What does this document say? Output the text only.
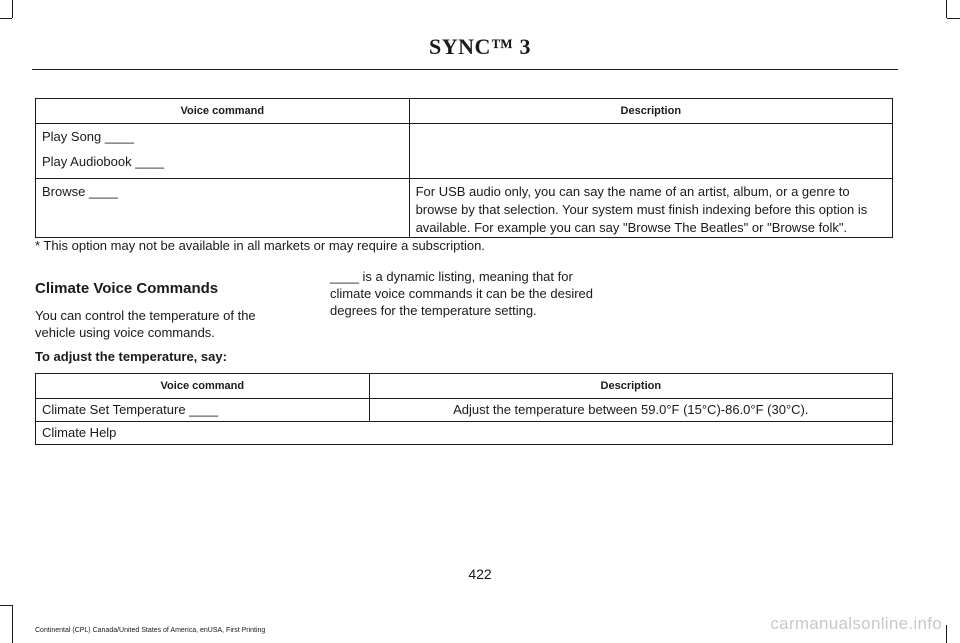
SYNC™ 3
Voice command	Description

Play Song ____
Play Audiobook ____	

Browse ____	For USB audio only, you can say the name of an artist, album, or a genre to browse by that selection. Your system must finish indexing before this option is available. For example you can say "Browse The Beatles" or "Browse folk".
* This option may not be available in all markets or may require a subscription.
Climate Voice Commands
You can control the temperature of the vehicle using voice commands.
____ is a dynamic listing, meaning that for climate voice commands it can be the desired degrees for the temperature setting.
To adjust the temperature, say:
Voice command	Description
Climate Set Temperature ____	Adjust the temperature between 59.0°F (15°C)-86.0°F (30°C).
Climate Help	
422
Continental (CPL) Canada/United States of America, enUSA, First Printing	carmanualsonline.info
